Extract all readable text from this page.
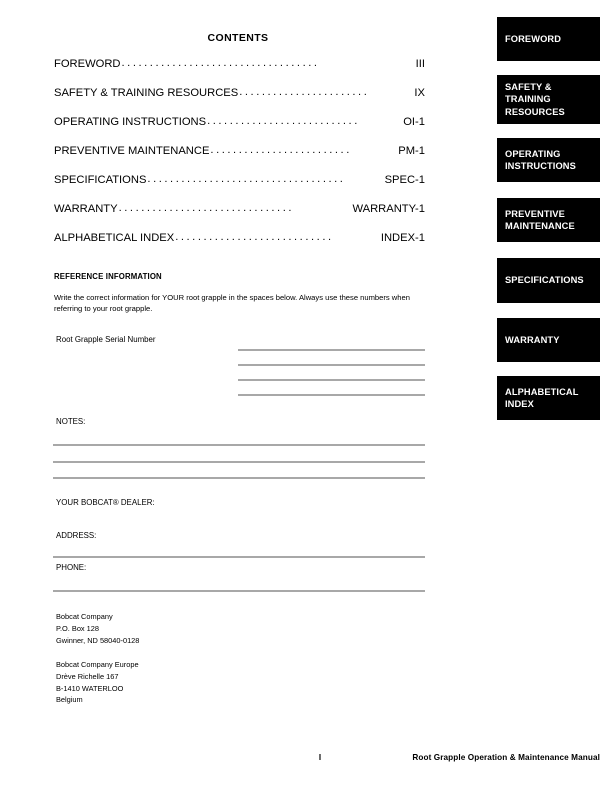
CONTENTS
FOREWORD ...................................	III
SAFETY & TRAINING RESOURCES .......................	IX
OPERATING INSTRUCTIONS ...........................	OI-1
PREVENTIVE MAINTENANCE .........................	PM-1
SPECIFICATIONS ...................................	SPEC-1
WARRANTY ...............................	WARRANTY-1
ALPHABETICAL INDEX ............................	INDEX-1
REFERENCE INFORMATION
Write the correct information for YOUR root grapple in the spaces below. Always use these numbers when referring to your root grapple.
Root Grapple Serial Number
NOTES:
YOUR BOBCAT® DEALER:
ADDRESS:
PHONE:
Bobcat Company
P.O. Box 128
Gwinner, ND 58040-0128
Bobcat Company Europe
Drève Richelle 167
B-1410 WATERLOO
Belgium
I	Root Grapple Operation & Maintenance Manual
FOREWORD
SAFETY &
TRAINING
RESOURCES
OPERATING
INSTRUCTIONS
PREVENTIVE
MAINTENANCE
SPECIFICATIONS
WARRANTY
ALPHABETICAL
INDEX
